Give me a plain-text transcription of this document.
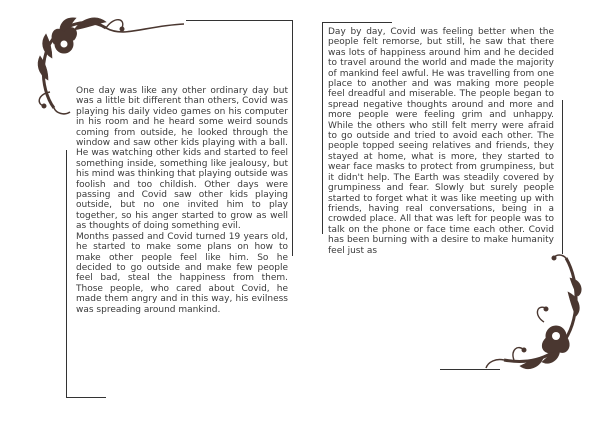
One day was like any other ordinary day but was a little bit different than others, Covid was playing his daily video games on his computer in his room and he heard some weird sounds coming from outside, he looked through the window and saw other kids playing with a ball. He was watching other kids and started to feel something inside, something like jealousy, but his mind was thinking that playing outside was foolish and too childish. Other days were passing and Covid saw other kids playing outside, but no one invited him to play together, so his anger started to grow as well as thoughts of doing something evil.

Months passed and Covid turned 19 years old, he started to make some plans on how to make other people feel like him. So he decided to go outside and make few people feel bad, steal the happiness from them. Those people, who cared about Covid, he made them angry and in this way, his evilness was spreading around mankind.

Day by day, Covid was feeling better when the people felt remorse, but still, he saw that there was lots of happiness around him and he decided to travel around the world and made the majority of mankind feel awful. He was travelling from one place to another and was making more people feel dreadful and miserable. The people began to spread negative thoughts around and more and more people were feeling grim and unhappy. While the others who still felt merry were afraid to go outside and tried to avoid each other. The people topped seeing relatives and friends, they stayed at home, what is more, they started to wear face masks to protect from grumpiness, but it didn't help. The Earth was steadily covered by grumpiness and fear. Slowly but surely people started to forget what it was like meeting up with friends, having real conversations, being in a crowded place. All that was left for people was to talk on the phone or face time each other. Covid has been burning with a desire to make humanity feel just as
